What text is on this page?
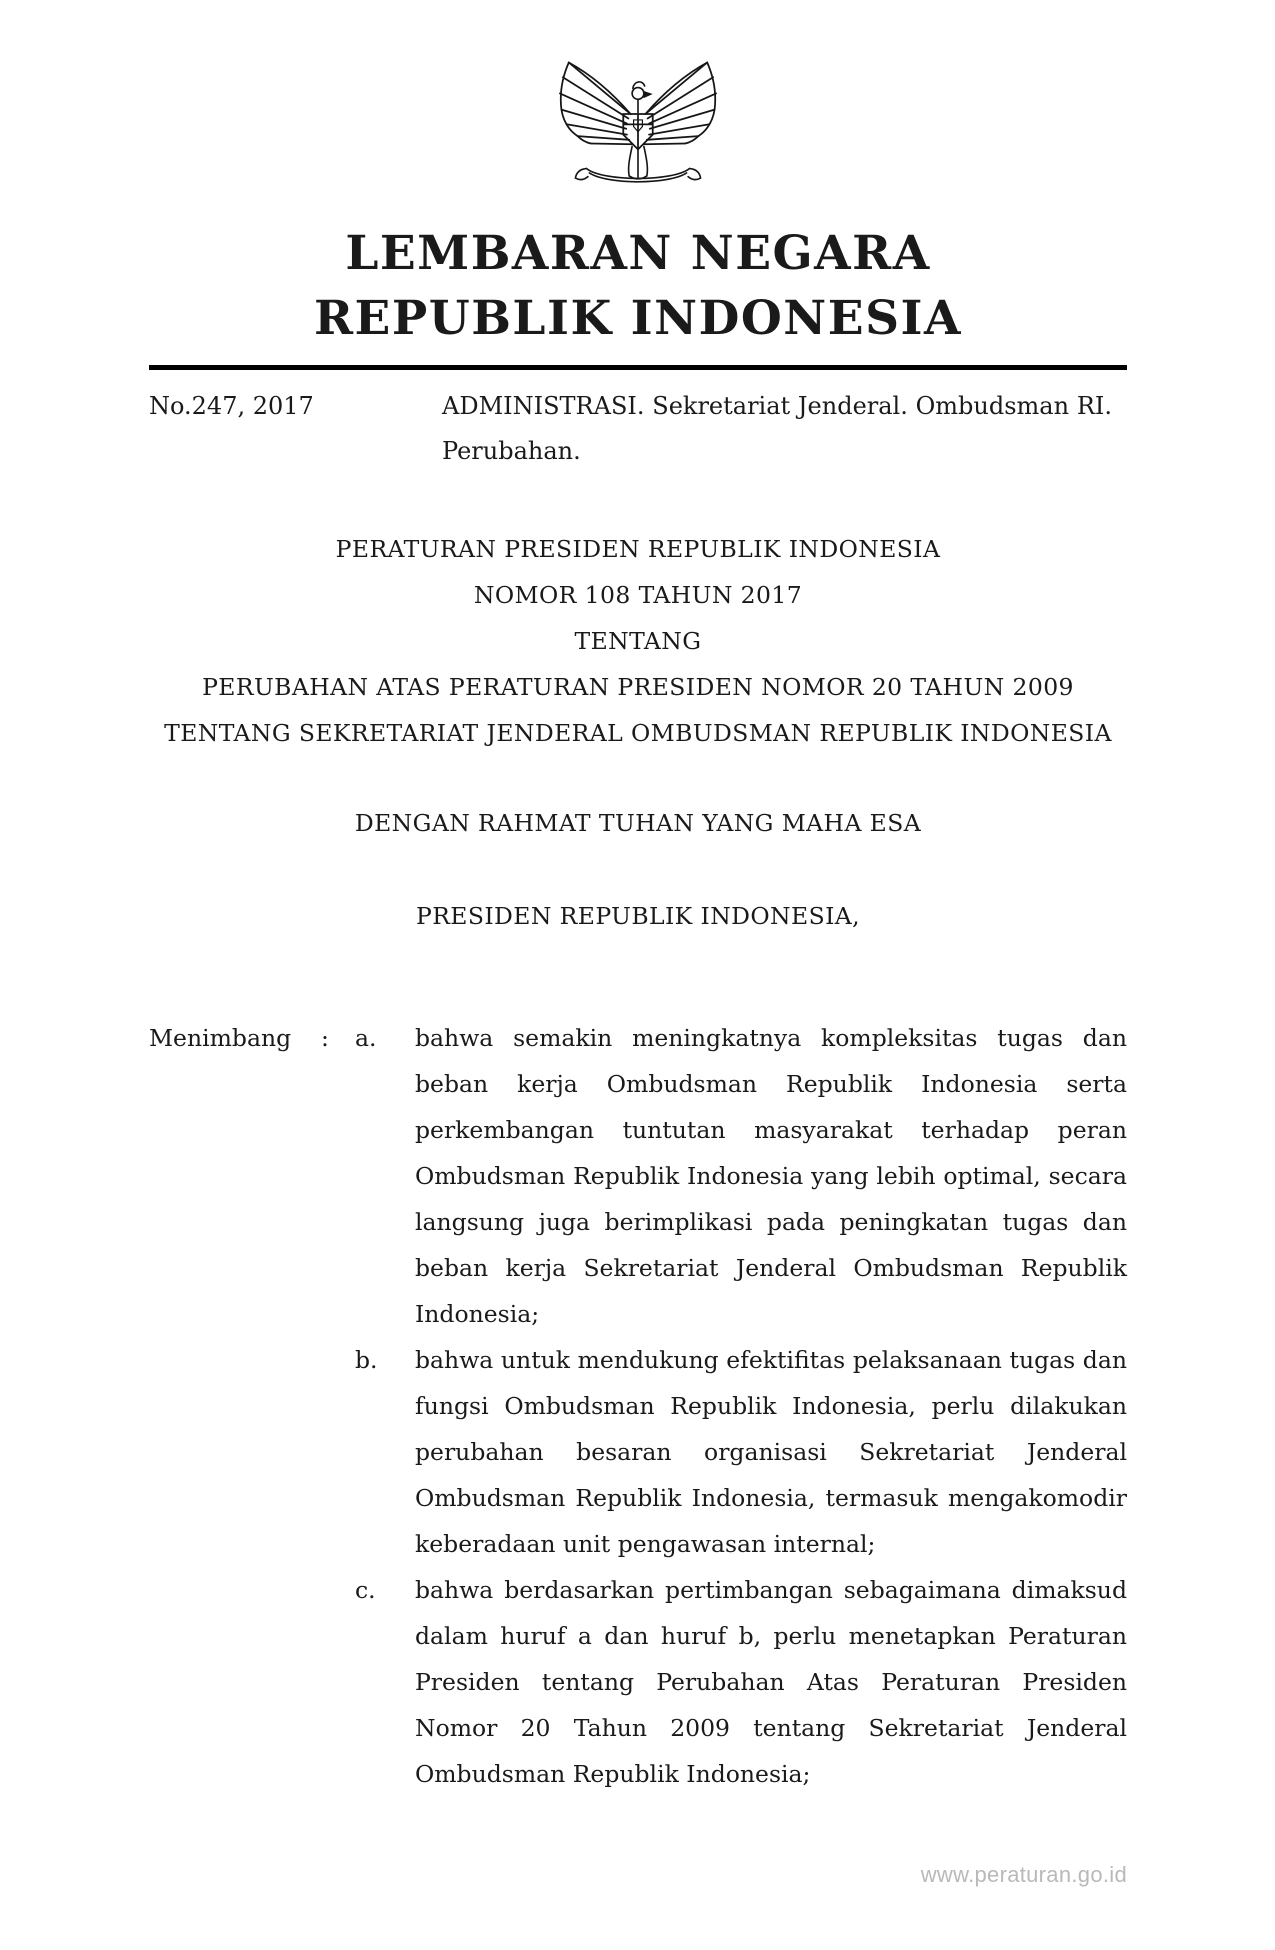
LEMBARAN NEGARA
REPUBLIK INDONESIA
No.247, 2017	ADMINISTRASI. Sekretariat Jenderal. Ombudsman RI. Perubahan.
PERATURAN PRESIDEN REPUBLIK INDONESIA
NOMOR 108 TAHUN 2017
TENTANG
PERUBAHAN ATAS PERATURAN PRESIDEN NOMOR 20 TAHUN 2009
TENTANG SEKRETARIAT JENDERAL OMBUDSMAN REPUBLIK INDONESIA
DENGAN RAHMAT TUHAN YANG MAHA ESA
PRESIDEN REPUBLIK INDONESIA,
Menimbang	:	a.	bahwa semakin meningkatnya kompleksitas tugas dan beban kerja Ombudsman Republik Indonesia serta perkembangan tuntutan masyarakat terhadap peran Ombudsman Republik Indonesia yang lebih optimal, secara langsung juga berimplikasi pada peningkatan tugas dan beban kerja Sekretariat Jenderal Ombudsman Republik Indonesia;
b.	bahwa untuk mendukung efektifitas pelaksanaan tugas dan fungsi Ombudsman Republik Indonesia, perlu dilakukan perubahan besaran organisasi Sekretariat Jenderal Ombudsman Republik Indonesia, termasuk mengakomodir keberadaan unit pengawasan internal;
c.	bahwa berdasarkan pertimbangan sebagaimana dimaksud dalam huruf a dan huruf b, perlu menetapkan Peraturan Presiden tentang Perubahan Atas Peraturan Presiden Nomor 20 Tahun 2009 tentang Sekretariat Jenderal Ombudsman Republik Indonesia;
www.peraturan.go.id
